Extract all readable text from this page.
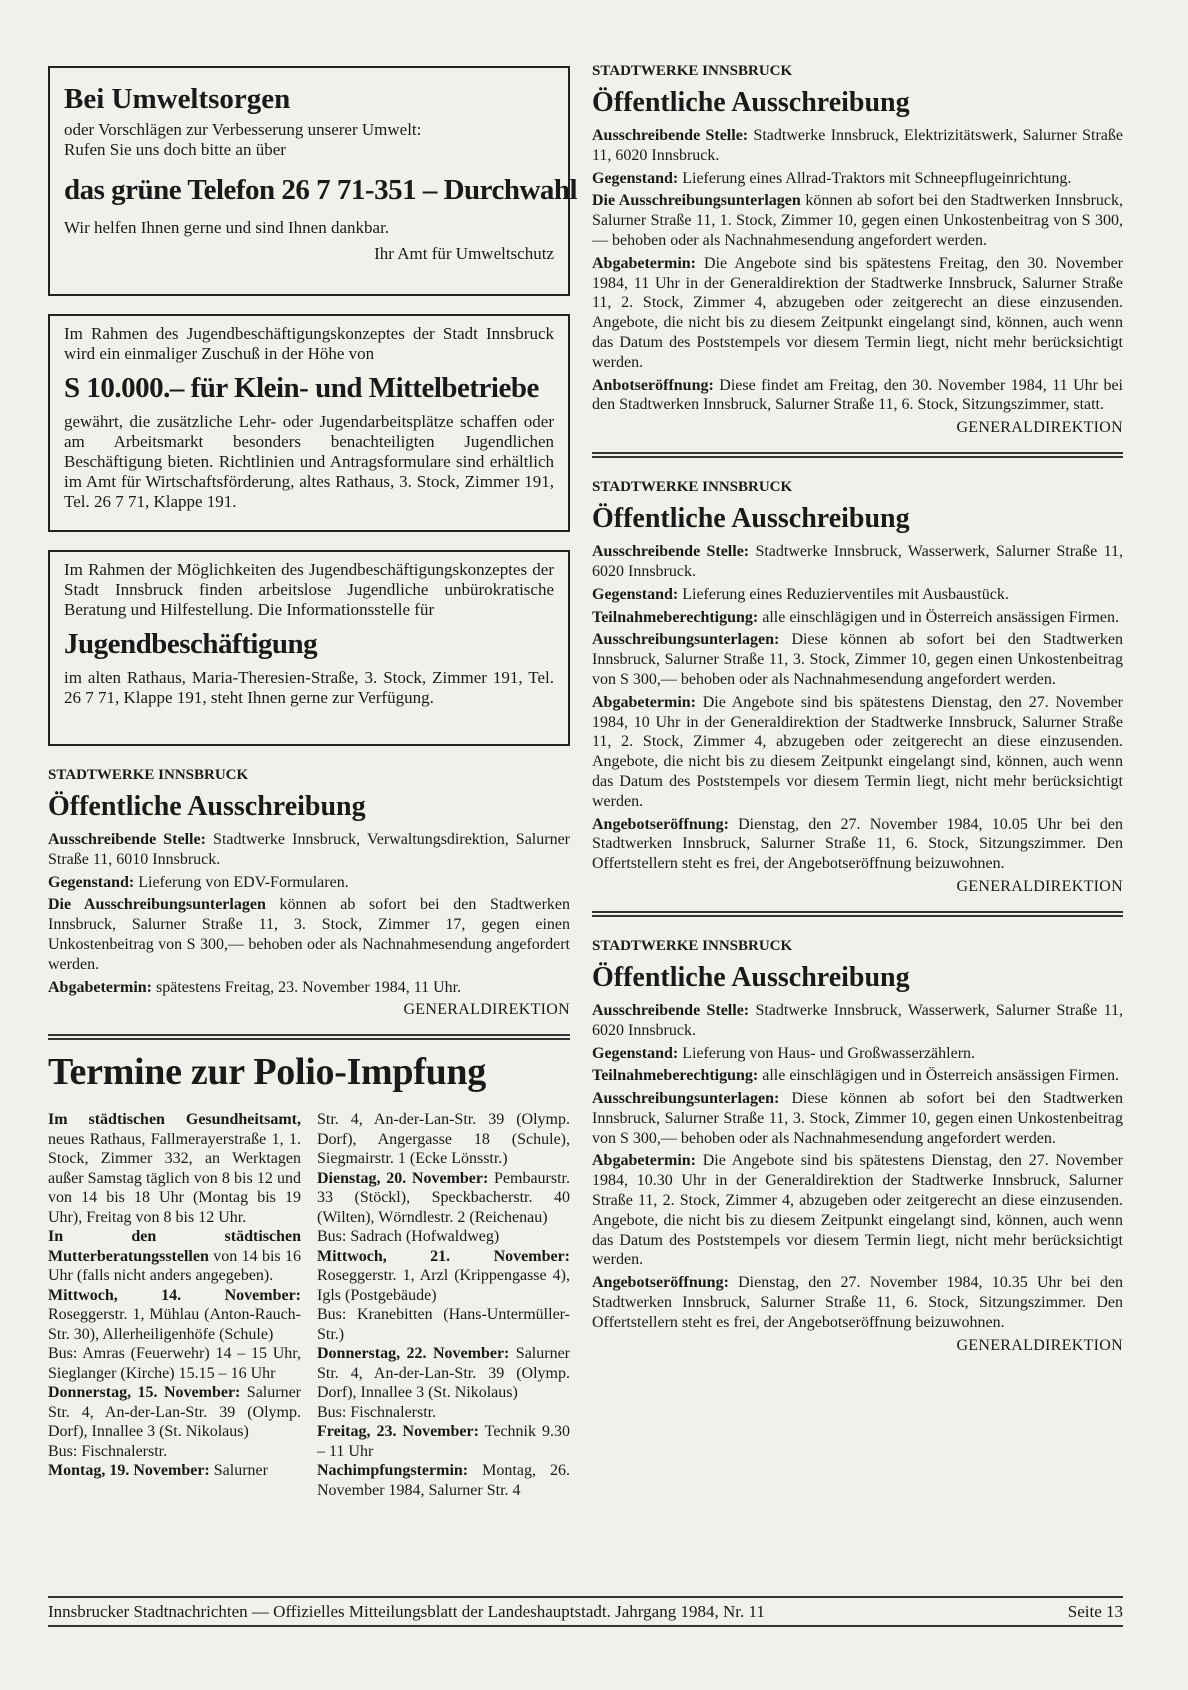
Bei Umweltsorgen

oder Vorschlägen zur Verbesserung unserer Umwelt:

Rufen Sie uns doch bitte an über

das grüne Telefon 26 7 71-351 – Durchwahl

Wir helfen Ihnen gerne und sind Ihnen dankbar.

Ihr Amt für Umweltschutz

Im Rahmen des Jugendbeschäftigungskonzeptes der Stadt Innsbruck wird ein einmaliger Zuschuß in der Höhe von

S 10.000.– für Klein- und Mittelbetriebe

gewährt, die zusätzliche Lehr- oder Jugendarbeitsplätze schaffen oder am Arbeitsmarkt besonders benachteiligten Jugendlichen Beschäftigung bieten. Richtlinien und Antragsformulare sind erhältlich im Amt für Wirtschaftsförderung, altes Rathaus, 3. Stock, Zimmer 191, Tel. 26 7 71, Klappe 191.

Im Rahmen der Möglichkeiten des Jugendbeschäftigungskonzeptes der Stadt Innsbruck finden arbeitslose Jugendliche unbürokratische Beratung und Hilfestellung. Die Informationsstelle für

Jugendbeschäftigung

im alten Rathaus, Maria-Theresien-Straße, 3. Stock, Zimmer 191, Tel. 26 7 71, Klappe 191, steht Ihnen gerne zur Verfügung.

STADTWERKE INNSBRUCK

Öffentliche Ausschreibung

Ausschreibende Stelle: Stadtwerke Innsbruck, Verwaltungsdirektion, Salurner Straße 11, 6010 Innsbruck.

Gegenstand: Lieferung von EDV-Formularen.

Die Ausschreibungsunterlagen können ab sofort bei den Stadtwerken Innsbruck, Salurner Straße 11, 3. Stock, Zimmer 17, gegen einen Unkostenbeitrag von S 300,— behoben oder als Nachnahmesendung angefordert werden.

Abgabetermin: spätestens Freitag, 23. November 1984, 11 Uhr.

GENERALDIREKTION

Termine zur Polio-Impfung

Im städtischen Gesundheitsamt, neues Rathaus, Fallmerayerstraße 1, 1. Stock, Zimmer 332, an Werktagen außer Samstag täglich von 8 bis 12 und von 14 bis 18 Uhr (Montag bis 19 Uhr), Freitag von 8 bis 12 Uhr.

In den städtischen Mutterberatungsstellen von 14 bis 16 Uhr (falls nicht anders angegeben).

Mittwoch, 14. November: Roseggerstr. 1, Mühlau (Anton-Rauch-Str. 30), Allerheiligenhöfe (Schule)

Bus: Amras (Feuerwehr) 14 – 15 Uhr, Sieglanger (Kirche) 15.15 – 16 Uhr

Donnerstag, 15. November: Salurner Str. 4, An-der-Lan-Str. 39 (Olymp. Dorf), Innallee 3 (St. Nikolaus)

Bus: Fischnalerstr.

Montag, 19. November: Salurner

Str. 4, An-der-Lan-Str. 39 (Olymp. Dorf), Angergasse 18 (Schule), Siegmairstr. 1 (Ecke Lönsstr.)

Dienstag, 20. November: Pembaurstr. 33 (Stöckl), Speckbacherstr. 40 (Wilten), Wörndlestr. 2 (Reichenau)

Bus: Sadrach (Hofwaldweg)

Mittwoch, 21. November: Roseggerstr. 1, Arzl (Krippengasse 4), Igls (Postgebäude)

Bus: Kranebitten (Hans-Untermüller-Str.)

Donnerstag, 22. November: Salurner Str. 4, An-der-Lan-Str. 39 (Olymp. Dorf), Innallee 3 (St. Nikolaus)

Bus: Fischnalerstr.

Freitag, 23. November: Technik 9.30 – 11 Uhr

Nachimpfungstermin: Montag, 26. November 1984, Salurner Str. 4

STADTWERKE INNSBRUCK

Öffentliche Ausschreibung

Ausschreibende Stelle: Stadtwerke Innsbruck, Elektrizitätswerk, Salurner Straße 11, 6020 Innsbruck.

Gegenstand: Lieferung eines Allrad-Traktors mit Schneepflugeinrichtung.

Die Ausschreibungsunterlagen können ab sofort bei den Stadtwerken Innsbruck, Salurner Straße 11, 1. Stock, Zimmer 10, gegen einen Unkostenbeitrag von S 300,— behoben oder als Nachnahmesendung angefordert werden.

Abgabetermin: Die Angebote sind bis spätestens Freitag, den 30. November 1984, 11 Uhr in der Generaldirektion der Stadtwerke Innsbruck, Salurner Straße 11, 2. Stock, Zimmer 4, abzugeben oder zeitgerecht an diese einzusenden. Angebote, die nicht bis zu diesem Zeitpunkt eingelangt sind, können, auch wenn das Datum des Poststempels vor diesem Termin liegt, nicht mehr berücksichtigt werden.

Anbotseröffnung: Diese findet am Freitag, den 30. November 1984, 11 Uhr bei den Stadtwerken Innsbruck, Salurner Straße 11, 6. Stock, Sitzungszimmer, statt.

GENERALDIREKTION

STADTWERKE INNSBRUCK

Öffentliche Ausschreibung

Ausschreibende Stelle: Stadtwerke Innsbruck, Wasserwerk, Salurner Straße 11, 6020 Innsbruck.

Gegenstand: Lieferung eines Reduzierventiles mit Ausbaustück.

Teilnahmeberechtigung: alle einschlägigen und in Österreich ansässigen Firmen.

Ausschreibungsunterlagen: Diese können ab sofort bei den Stadtwerken Innsbruck, Salurner Straße 11, 3. Stock, Zimmer 10, gegen einen Unkostenbeitrag von S 300,— behoben oder als Nachnahmesendung angefordert werden.

Abgabetermin: Die Angebote sind bis spätestens Dienstag, den 27. November 1984, 10 Uhr in der Generaldirektion der Stadtwerke Innsbruck, Salurner Straße 11, 2. Stock, Zimmer 4, abzugeben oder zeitgerecht an diese einzusenden. Angebote, die nicht bis zu diesem Zeitpunkt eingelangt sind, können, auch wenn das Datum des Poststempels vor diesem Termin liegt, nicht mehr berücksichtigt werden.

Angebotseröffnung: Dienstag, den 27. November 1984, 10.05 Uhr bei den Stadtwerken Innsbruck, Salurner Straße 11, 6. Stock, Sitzungszimmer. Den Offertstellern steht es frei, der Angebotseröffnung beizuwohnen.

GENERALDIREKTION

STADTWERKE INNSBRUCK

Öffentliche Ausschreibung

Ausschreibende Stelle: Stadtwerke Innsbruck, Wasserwerk, Salurner Straße 11, 6020 Innsbruck.

Gegenstand: Lieferung von Haus- und Großwasserzählern.

Teilnahmeberechtigung: alle einschlägigen und in Österreich ansässigen Firmen.

Ausschreibungsunterlagen: Diese können ab sofort bei den Stadtwerken Innsbruck, Salurner Straße 11, 3. Stock, Zimmer 10, gegen einen Unkostenbeitrag von S 300,— behoben oder als Nachnahmesendung angefordert werden.

Abgabetermin: Die Angebote sind bis spätestens Dienstag, den 27. November 1984, 10.30 Uhr in der Generaldirektion der Stadtwerke Innsbruck, Salurner Straße 11, 2. Stock, Zimmer 4, abzugeben oder zeitgerecht an diese einzusenden. Angebote, die nicht bis zu diesem Zeitpunkt eingelangt sind, können, auch wenn das Datum des Poststempels vor diesem Termin liegt, nicht mehr berücksichtigt werden.

Angebotseröffnung: Dienstag, den 27. November 1984, 10.35 Uhr bei den Stadtwerken Innsbruck, Salurner Straße 11, 6. Stock, Sitzungszimmer. Den Offertstellern steht es frei, der Angebotseröffnung beizuwohnen.

GENERALDIREKTION

Innsbrucker Stadtnachrichten — Offizielles Mitteilungsblatt der Landeshauptstadt. Jahrgang 1984, Nr. 11	Seite 13
